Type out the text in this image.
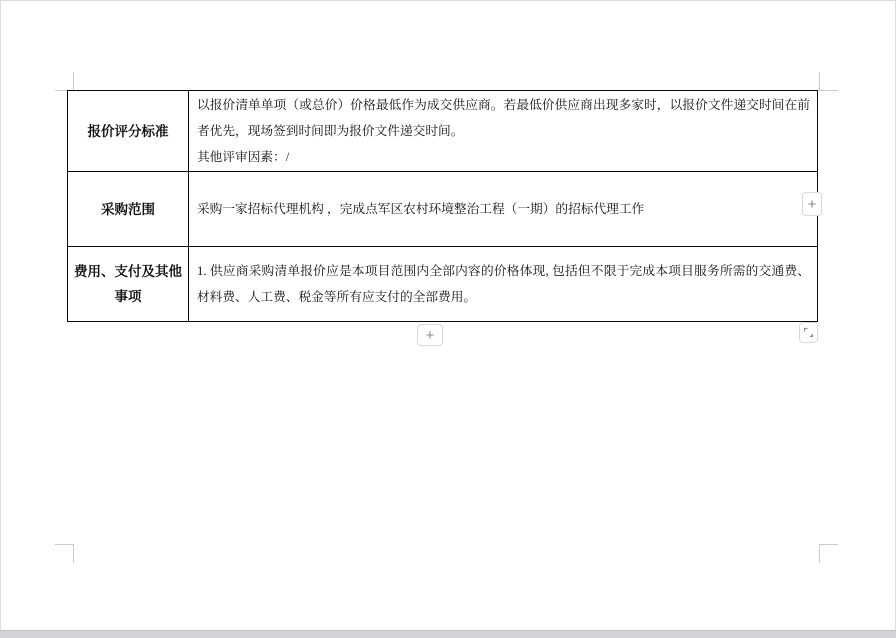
报价评分标准	以报价清单单项（或总价）价格最低作为成交供应商。若最低价供应商出现多家时，以报价文件递交时间在前者优先，现场签到时间即为报价文件递交时间。

其他评审因素：/

采购范围	采购一家招标代理机构 ，完成点军区农村环境整治工程（一期）的招标代理工作

费用、支付及其他
事项	1. 供应商采购清单报价应是本项目范围内全部内容的价格体现, 包括但不限于完成本项目服务所需的交通费、材料费、人工费、税金等所有应支付的全部费用。

+
+
